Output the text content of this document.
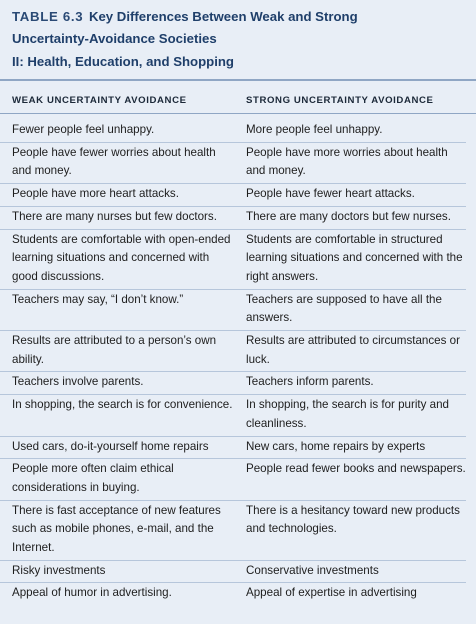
TABLE 6.3 Key Differences Between Weak and Strong
Uncertainty-Avoidance Societies
II: Health, Education, and Shopping
WEAK UNCERTAINTY AVOIDANCE	STRONG UNCERTAINTY AVOIDANCE
Fewer people feel unhappy.	More people feel unhappy.
People have fewer worries about health and money.	People have more worries about health and money.
People have more heart attacks.	People have fewer heart attacks.
There are many nurses but few doctors.	There are many doctors but few nurses.
Students are comfortable with open-ended learning situations and concerned with good discussions.	Students are comfortable in structured learning situations and concerned with the right answers.
Teachers may say, “I don’t know.”	Teachers are supposed to have all the answers.
Results are attributed to a person’s own ability.	Results are attributed to circumstances or luck.
Teachers involve parents.	Teachers inform parents.
In shopping, the search is for convenience.	In shopping, the search is for purity and cleanliness.
Used cars, do-it-yourself home repairs	New cars, home repairs by experts
People more often claim ethical considerations in buying.	People read fewer books and newspapers.
There is fast acceptance of new features such as mobile phones, e-mail, and the Internet.	There is a hesitancy toward new products and technologies.
Risky investments	Conservative investments
Appeal of humor in advertising.	Appeal of expertise in advertising
